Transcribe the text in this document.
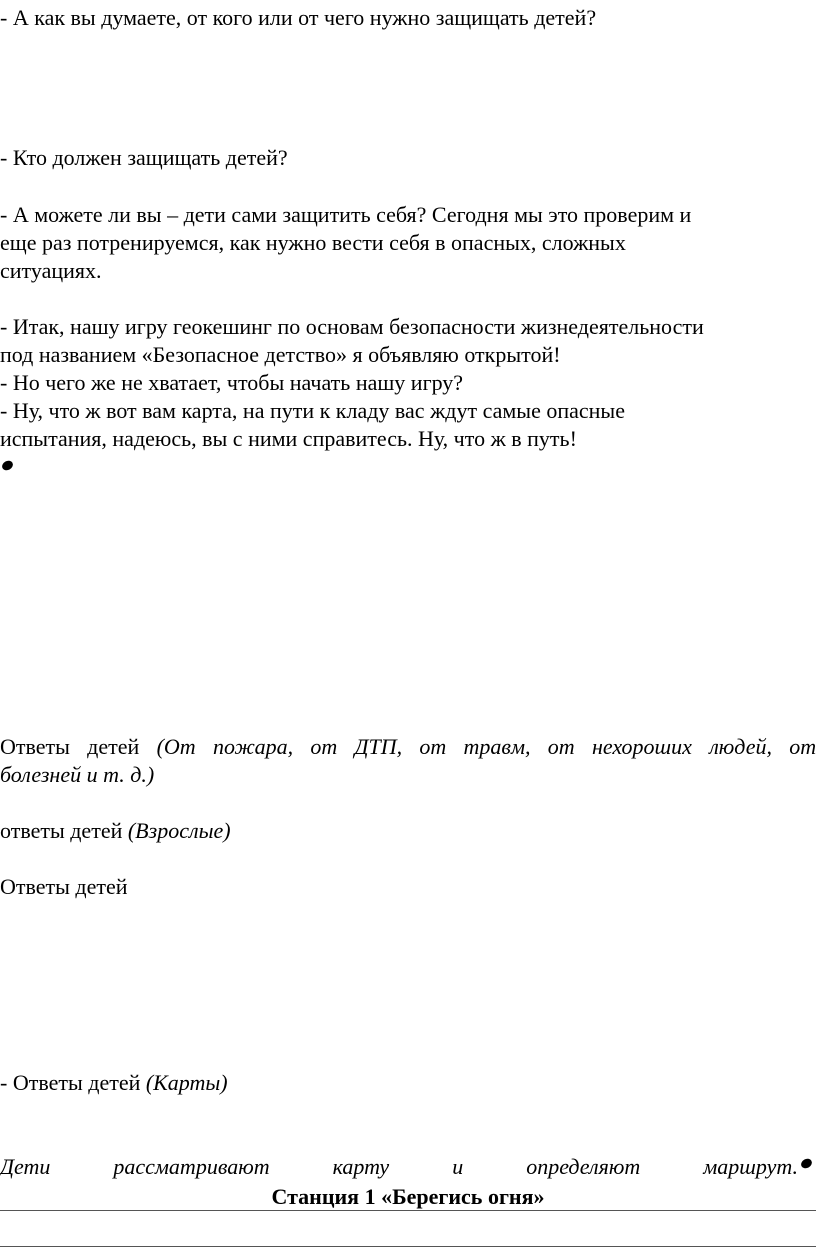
- А как вы думаете, от кого или от чего нужно защищать детей?
- Кто должен защищать детей?
- А можете ли вы – дети сами защитить себя? Сегодня мы это проверим и
еще раз потренируемся, как нужно вести себя в опасных, сложных
ситуациях.
- Итак, нашу игру геокешинг по основам безопасности жизнедеятельности
под названием «Безопасное детство» я объявляю открытой!
- Но чего же не хватает, чтобы начать нашу игру?
- Ну, что ж вот вам карта, на пути к кладу вас ждут самые опасные
испытания, надеюсь, вы с ними справитесь. Ну, что ж в путь!
Ответы детей (От пожара, от ДТП, от травм, от нехороших людей, от
болезней и т. д.)
ответы детей (Взрослые)
Ответы детей
- Ответы детей (Карты)
Дети	рассматривают	карту	и	определяют	маршрут.
Станция 1 «Берегись огня»
